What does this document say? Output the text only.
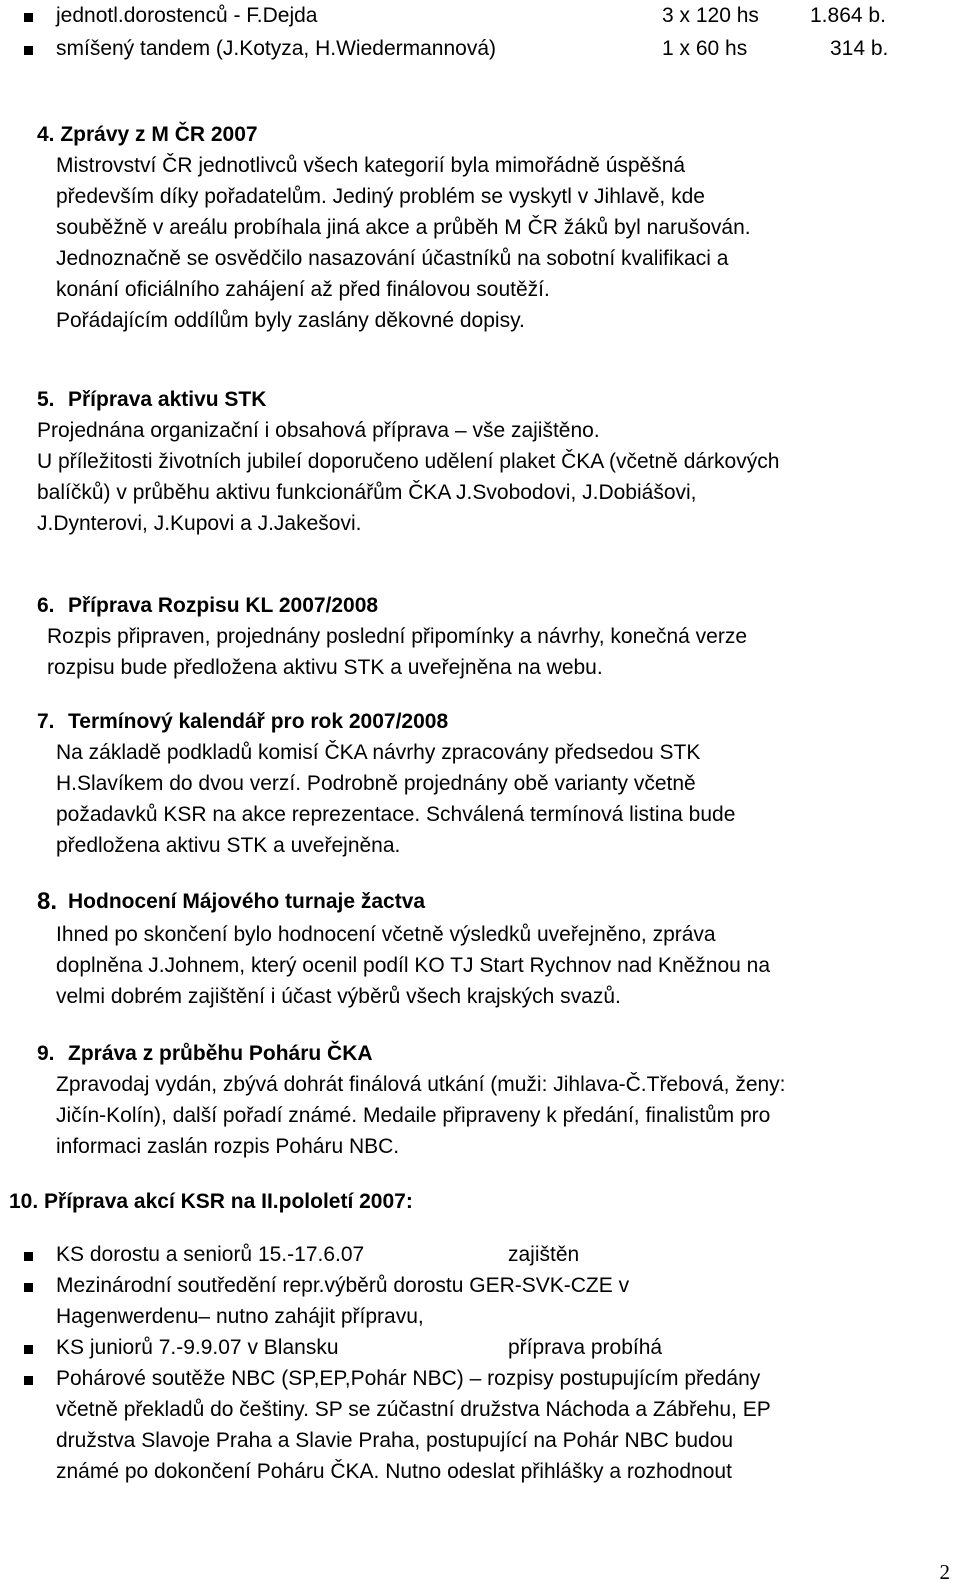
jednotl.dorostenců - F.Dejda	3 x 120 hs 1.864 b.
smíšený tandem (J.Kotyza, H.Wiedermannová)	1 x 60 hs	314 b.
4. Zprávy z M ČR 2007
Mistrovství ČR jednotlivců všech kategorií byla mimořádně úspěšná
především díky pořadatelům. Jediný problém se vyskytl v Jihlavě, kde
souběžně v areálu probíhala jiná akce a průběh M ČR žáků byl narušován.
Jednoznačně se osvědčilo nasazování účastníků na sobotní kvalifikaci a
konání oficiálního zahájení až před finálovou soutěží.
Pořádajícím oddílům byly zaslány děkovné dopisy.
5. Příprava aktivu STK
Projednána organizační i obsahová příprava – vše zajištěno.
U příležitosti životních jubileí doporučeno udělení plaket ČKA (včetně dárkových
balíčků) v průběhu aktivu funkcionářům ČKA J.Svobodovi, J.Dobiášovi,
J.Dynterovi, J.Kupovi a J.Jakešovi.
6. Příprava Rozpisu KL 2007/2008
Rozpis připraven, projednány poslední připomínky a návrhy, konečná verze
rozpisu bude předložena aktivu STK a uveřejněna na webu.
7. Termínový kalendář pro rok 2007/2008
Na základě podkladů komisí ČKA návrhy zpracovány předsedou STK
H.Slavíkem do dvou verzí. Podrobně projednány obě varianty včetně
požadavků KSR na akce reprezentace. Schválená termínová listina bude
předložena aktivu STK a uveřejněna.
8. Hodnocení Májového turnaje žactva
Ihned po skončení bylo hodnocení včetně výsledků uveřejněno, zpráva
doplněna J.Johnem, který ocenil podíl KO TJ Start Rychnov nad Kněžnou na
velmi dobrém zajištění i účast výběrů všech krajských svazů.
9. Zpráva z průběhu Poháru ČKA
Zpravodaj vydán, zbývá dohrát finálová utkání (muži: Jihlava-Č.Třebová, ženy:
Jičín-Kolín), další pořadí známé. Medaile připraveny k předání, finalistům pro
informaci zaslán rozpis Poháru NBC.
10. Příprava akcí KSR na II.pololetí 2007:
KS dorostu a seniorů 15.-17.6.07	zajištěn
Mezinárodní soutředění repr.výběrů dorostu GER-SVK-CZE v
Hagenwerdenu– nutno zahájit přípravu,
KS juniorů 7.-9.9.07 v Blansku	příprava probíhá
Pohárové soutěže NBC (SP,EP,Pohár NBC) – rozpisy postupujícím předány
včetně překladů do češtiny. SP se zúčastní družstva Náchoda a Zábřehu, EP
družstva Slavoje Praha a Slavie Praha, postupující na Pohár NBC budou
známé po dokončení Poháru ČKA. Nutno odeslat přihlášky a rozhodnout
2
